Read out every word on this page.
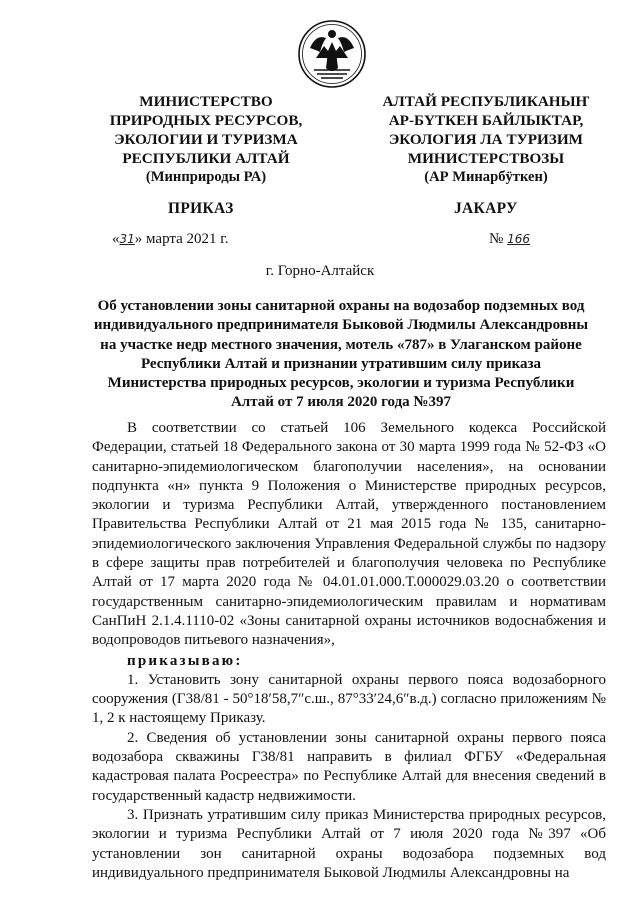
МИНИСТЕРСТВО
ПРИРОДНЫХ РЕСУРСОВ,
ЭКОЛОГИИ И ТУРИЗМА
РЕСПУБЛИКИ АЛТАЙ
(Минприроды РА)
АЛТАЙ РЕСПУБЛИКАНЫҤ
АР-БҮТКЕН БАЙЛЫКТАР,
ЭКОЛОГИЯ ЛА ТУРИЗИМ
МИНИСТЕРСТВОЗЫ
(АР Минарбӱткен)
ПРИКАЗ	JАКАРУ
«31» марта 2021 г.	№ 166
г. Горно-Алтайск
Об установлении зоны санитарной охраны на водозабор подземных вод индивидуального предпринимателя Быковой Людмилы Александровны на участке недр местного значения, мотель «787» в Улаганском районе Республики Алтай и признании утратившим силу приказа Министерства природных ресурсов, экологии и туризма Республики Алтай от 7 июля 2020 года №397

В соответствии со статьей 106 Земельного кодекса Российской Федерации, статьей 18 Федерального закона от 30 марта 1999 года № 52-ФЗ «О санитарно-эпидемиологическом благополучии населения», на основании подпункта «н» пункта 9 Положения о Министерстве природных ресурсов, экологии и туризма Республики Алтай, утвержденного постановлением Правительства Республики Алтай от 21 мая 2015 года № 135, санитарно-эпидемиологического заключения Управления Федеральной службы по надзору в сфере защиты прав потребителей и благополучия человека по Республике Алтай от 17 марта 2020 года № 04.01.01.000.Т.000029.03.20 о соответствии государственным санитарно-эпидемиологическим правилам и нормативам СанПиН 2.1.4.1110-02 «Зоны санитарной охраны источников водоснабжения и водопроводов питьевого назначения»,

приказываю:

1. Установить зону санитарной охраны первого пояса водозаборного сооружения (Г38/81 - 50°18′58,7″с.ш., 87°33′24,6″в.д.) согласно приложениям № 1, 2 к настоящему Приказу.

2. Сведения об установлении зоны санитарной охраны первого пояса водозабора скважины Г38/81 направить в филиал ФГБУ «Федеральная кадастровая палата Росреестра» по Республике Алтай для внесения сведений в государственный кадастр недвижимости.

3. Признать утратившим силу приказ Министерства природных ресурсов, экологии и туризма Республики Алтай от 7 июля 2020 года №397 «Об установлении зон санитарной охраны водозабора подземных вод индивидуального предпринимателя Быковой Людмилы Александровны на
